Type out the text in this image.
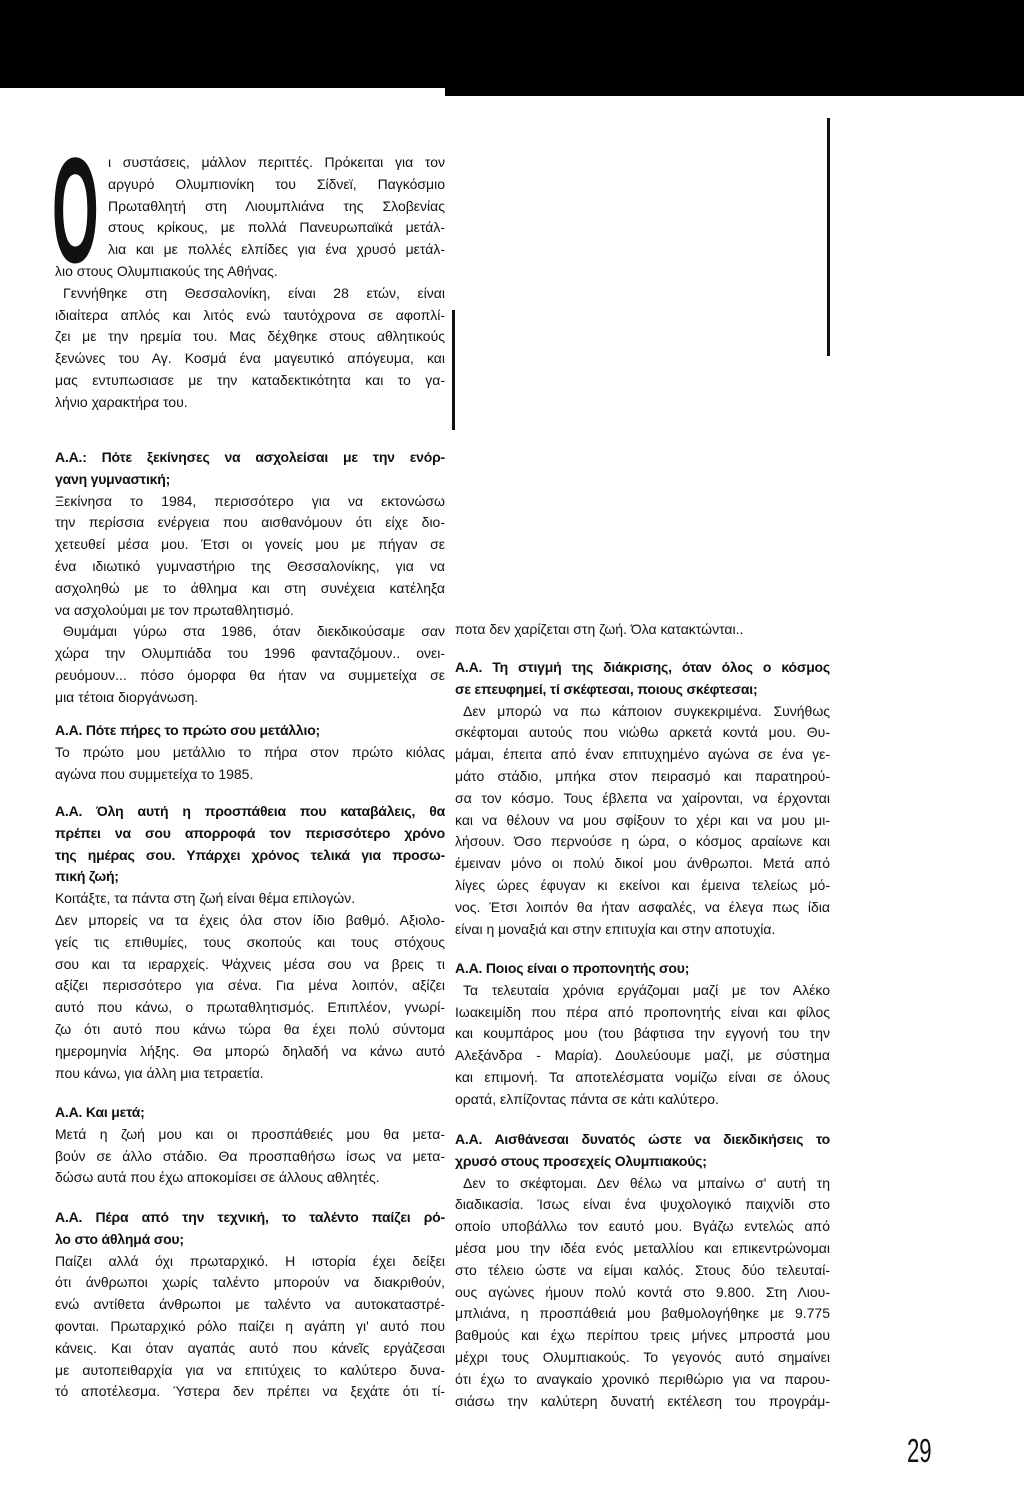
Ο ι συστάσεις, μάλλον περιττές. Πρόκειται για τον
αργυρό Ολυμπιονίκη του Σίδνεϊ, Παγκόσμιο
Πρωταθλητή στη Λιουμπλιάνα της Σλοβενίας
στους κρίκους, με πολλά Πανευρωπαϊκά μετάλ-
λια και με πολλές ελπίδες για ένα χρυσό μετάλ-
λιο στους Ολυμπιακούς της Αθήνας.
Γεννήθηκε στη Θεσσαλονίκη, είναι 28 ετών, είναι
ιδιαίτερα απλός και λιτός ενώ ταυτόχρονα σε αφοπλί-
ζει με την ηρεμία του. Μας δέχθηκε στους αθλητικούς
ξενώνες του Αγ. Κοσμά ένα μαγευτικό απόγευμα, και
μας εντυπωσιασε με την καταδεκτικότητα και το γα-
λήνιο χαρακτήρα του.
Α.Α.: Πότε ξεκίνησες να ασχολείσαι με την ενόρ-
γανη γυμναστική;
Ξεκίνησα το 1984, περισσότερο για να εκτονώσω
την περίσσια ενέργεια που αισθανόμουν ότι είχε διο-
χετευθεί μέσα μου. Έτσι οι γονείς μου με πήγαν σε
ένα ιδιωτικό γυμναστήριο της Θεσσαλονίκης, για να
ασχοληθώ με το άθλημα και στη συνέχεια κατέληξα
να ασχολούμαι με τον πρωταθλητισμό.
Θυμάμαι γύρω στα 1986, όταν διεκδικούσαμε σαν
χώρα την Ολυμπιάδα του 1996 φανταζόμουν.. ονει-
ρευόμουν... πόσο όμορφα θα ήταν να συμμετείχα σε
μια τέτοια διοργάνωση.
Α.Α. Πότε πήρες το πρώτο σου μετάλλιο;
Το πρώτο μου μετάλλιο το πήρα στον πρώτο κιόλας
αγώνα που συμμετείχα το 1985.
Α.Α. Όλη αυτή η προσπάθεια που καταβάλεις, θα
πρέπει να σου απορροφά τον περισσότερο χρόνο
της ημέρας σου. Υπάρχει χρόνος τελικά για προσω-
πική ζωή;
Κοιτάξτε, τα πάντα στη ζωή είναι θέμα επιλογών.
Δεν μπορείς να τα έχεις όλα στον ίδιο βαθμό. Αξιολο-
γείς τις επιθυμίες, τους σκοπούς και τους στόχους
σου και τα ιεραρχείς. Ψάχνεις μέσα σου να βρεις τι
αξίζει περισσότερο για σένα. Για μένα λοιπόν, αξίζει
αυτό που κάνω, ο πρωταθλητισμός. Επιπλέον, γνωρί-
ζω ότι αυτό που κάνω τώρα θα έχει πολύ σύντομα
ημερομηνία λήξης. Θα μπορώ δηλαδή να κάνω αυτό
που κάνω, για άλλη μια τετραετία.
Α.Α. Και μετά;
Μετά η ζωή μου και οι προσπάθειές μου θα μετα-
βούν σε άλλο στάδιο. Θα προσπαθήσω ίσως να μετα-
δώσω αυτά που έχω αποκομίσει σε άλλους αθλητές.
Α.Α. Πέρα από την τεχνική, το ταλέντο παίζει ρό-
λο στο άθλημά σου;
Παίζει αλλά όχι πρωταρχικό. Η ιστορία έχει δείξει
ότι άνθρωποι χωρίς ταλέντο μπορούν να διακριθούν,
ενώ αντίθετα άνθρωποι με ταλέντο να αυτοκαταστρέ-
φονται. Πρωταρχικό ρόλο παίζει η αγάπη γι' αυτό που
κάνεις. Και όταν αγαπάς αυτό που κάνεῖς εργάζεσαι
με αυτοπειθαρχία για να επιτύχεις το καλύτερο δυνα-
τό αποτέλεσμα. Ύστερα δεν πρέπει να ξεχάτε ότι τί-
ποτα δεν χαρίζεται στη ζωή. Όλα κατακτώνται..
Α.Α. Τη στιγμή της διάκρισης, όταν όλος ο κόσμος
σε επευφημεί, τί σκέφτεσαι, ποιους σκέφτεσαι;
Δεν μπορώ να πω κάποιον συγκεκριμένα. Συνήθως
σκέφτομαι αυτούς που νιώθω αρκετά κοντά μου. Θυ-
μάμαι, έπειτα από έναν επιτυχημένο αγώνα σε ένα γε-
μάτο στάδιο, μπήκα στον πειρασμό και παρατηρού-
σα τον κόσμο. Τους έβλεπα να χαίρονται, να έρχονται
και να θέλουν να μου σφίξουν το χέρι και να μου μι-
λήσουν. Όσο περνούσε η ώρα, ο κόσμος αραίωνε και
έμειναν μόνο οι πολύ δικοί μου άνθρωποι. Μετά από
λίγες ώρες έφυγαν κι εκείνοι και έμεινα τελείως μό-
νος. Έτσι λοιπόν θα ήταν ασφαλές, να έλεγα πως ίδια
είναι η μοναξιά και στην επιτυχία και στην αποτυχία.
Α.Α. Ποιος είναι ο προπονητής σου;
Τα τελευταία χρόνια εργάζομαι μαζί με τον Αλέκο
Ιωακειμίδη που πέρα από προπονητής είναι και φίλος
και κουμπάρος μου (του βάφτισα την εγγονή του την
Αλεξάνδρα - Μαρία). Δουλεύουμε μαζί, με σύστημα
και επιμονή. Τα αποτελέσματα νομίζω είναι σε όλους
ορατά, ελπίζοντας πάντα σε κάτι καλύτερο.
Α.Α. Αισθάνεσαι δυνατός ώστε να διεκδικήσεις το
χρυσό στους προσεχείς Ολυμπιακούς;
Δεν το σκέφτομαι. Δεν θέλω να μπαίνω σ' αυτή τη
διαδικασία. Ίσως είναι ένα ψυχολογικό παιχνίδι στο
οποίο υποβάλλω τον εαυτό μου. Βγάζω εντελώς από
μέσα μου την ιδέα ενός μεταλλίου και επικεντρώνομαι
στο τέλειο ώστε να είμαι καλός. Στους δύο τελευταί-
ους αγώνες ήμουν πολύ κοντά στο 9.800. Στη Λιου-
μπλιάνα, η προσπάθειά μου βαθμολογήθηκε με 9.775
βαθμούς και έχω περίπου τρεις μήνες μπροστά μου
μέχρι τους Ολυμπιακούς. Το γεγονός αυτό σημαίνει
ότι έχω το αναγκαίο χρονικό περιθώριο για να παρου-
σιάσω την καλύτερη δυνατή εκτέλεση του προγράμ-
29
